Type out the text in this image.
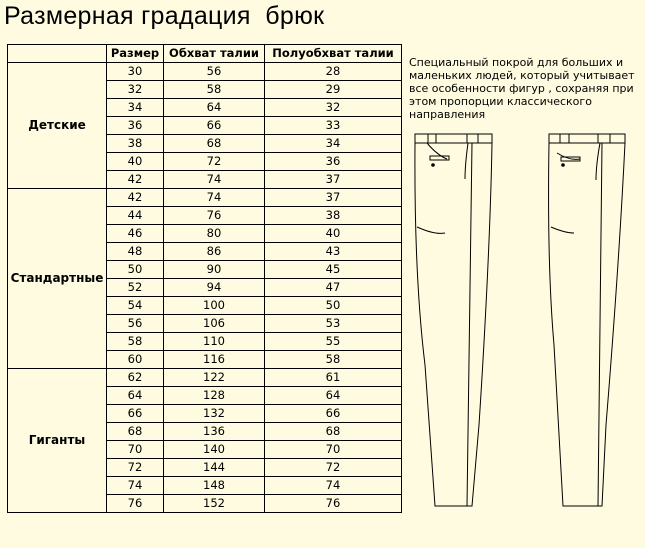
Размерная градация  брюк
	Размер	Обхват талии	Полуобхват талии
Детские	30	56	28
	32	58	29
	34	64	32
	36	66	33
	38	68	34
	40	72	36
	42	74	37
Стандартные	42	74	37
	44	76	38
	46	80	40
	48	86	43
	50	90	45
	52	94	47
	54	100	50
	56	106	53
	58	110	55
	60	116	58
Гиганты	62	122	61
	64	128	64
	66	132	66
	68	136	68
	70	140	70
	72	144	72
	74	148	74
	76	152	76
Специальный покрой для больших и маленьких людей, который учитывает все особенности фигур , сохраняя при этом пропорции классического направления
